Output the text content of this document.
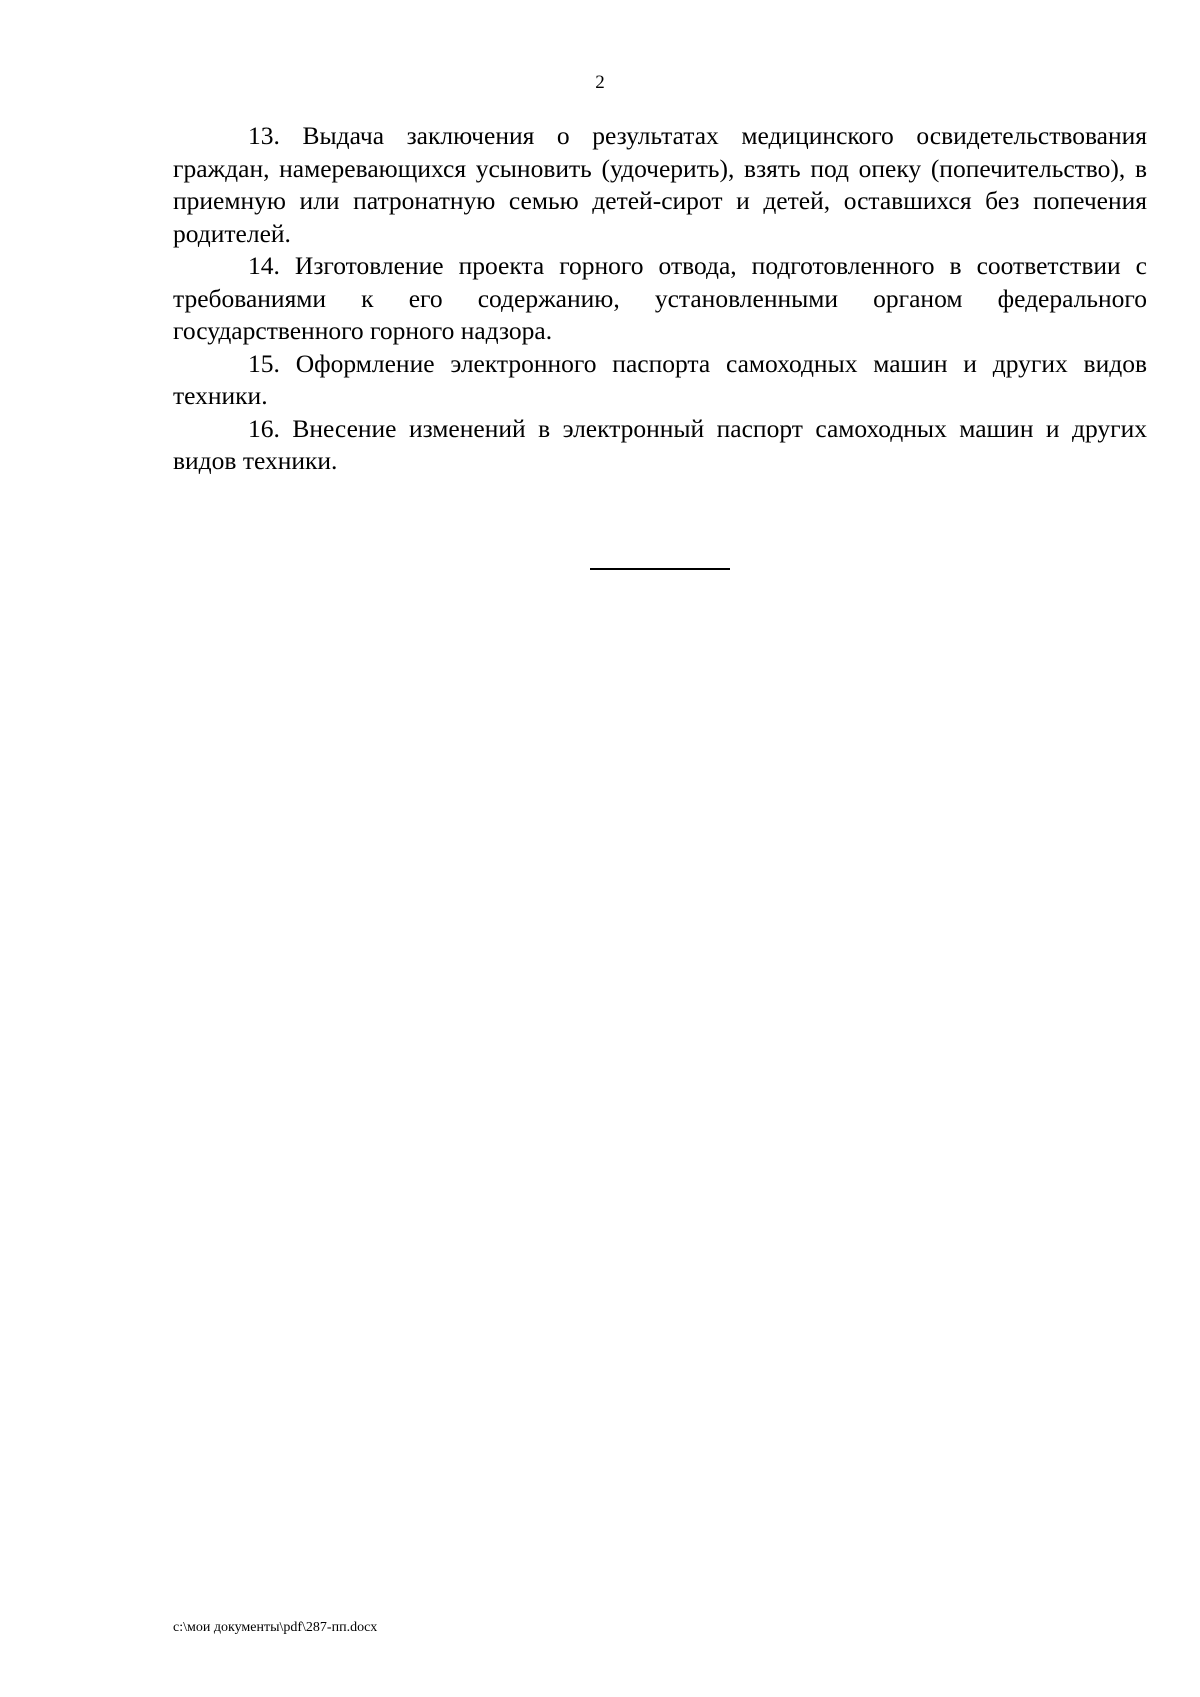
2

13. Выдача заключения о результатах медицинского освидетельствования граждан, намеревающихся усыновить (удочерить), взять под опеку (попечительство), в приемную или патронатную семью детей-сирот и детей, оставшихся без попечения родителей.

14. Изготовление проекта горного отвода, подготовленного в соответствии с требованиями к его содержанию, установленными органом федерального государственного горного надзора.

15. Оформление электронного паспорта самоходных машин и других видов техники.

16. Внесение изменений в электронный паспорт самоходных машин и других видов техники.

c:\мои документы\pdf\287-пп.docx
